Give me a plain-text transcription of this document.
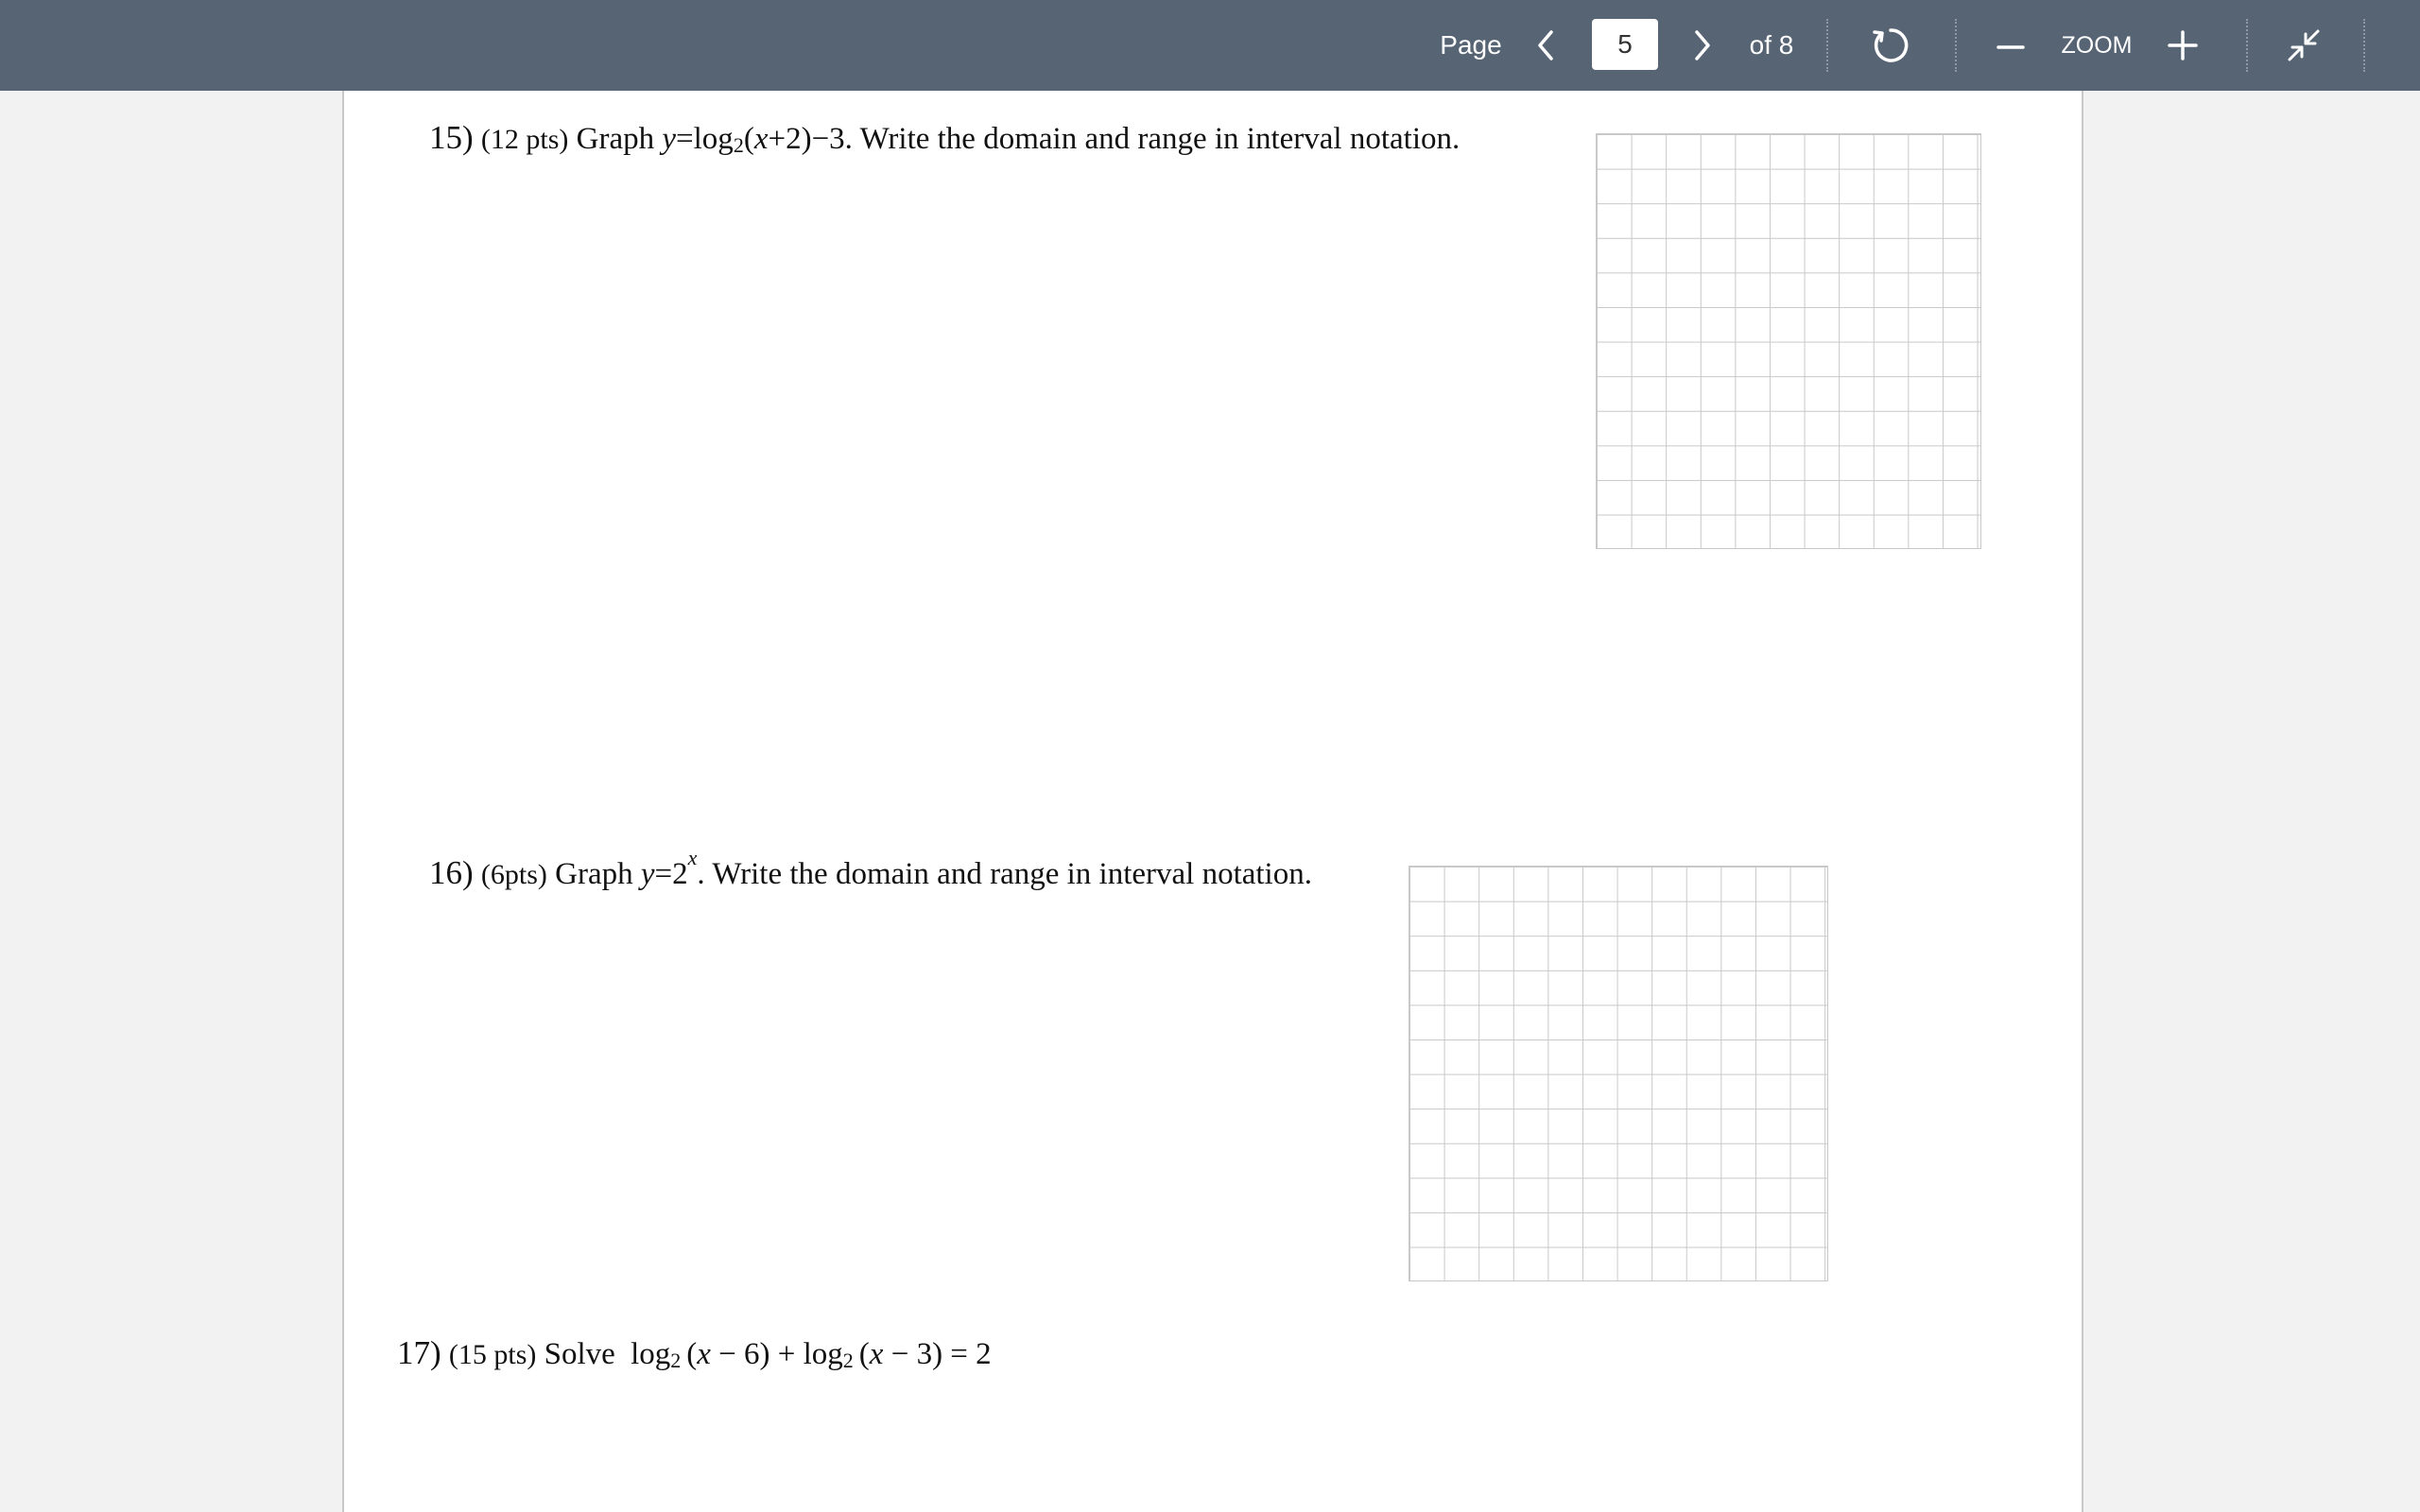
Page	5	of 8	ZOOM
15) (12 pts) Graph $y=\log_2(x+2)-3$. Write the domain and range in interval notation.
16) (6pts) Graph $y=2^x$. Write the domain and range in interval notation.
17) (15 pts) Solve $\log_2 (x - 6) + \log_2 (x - 3) = 2$
